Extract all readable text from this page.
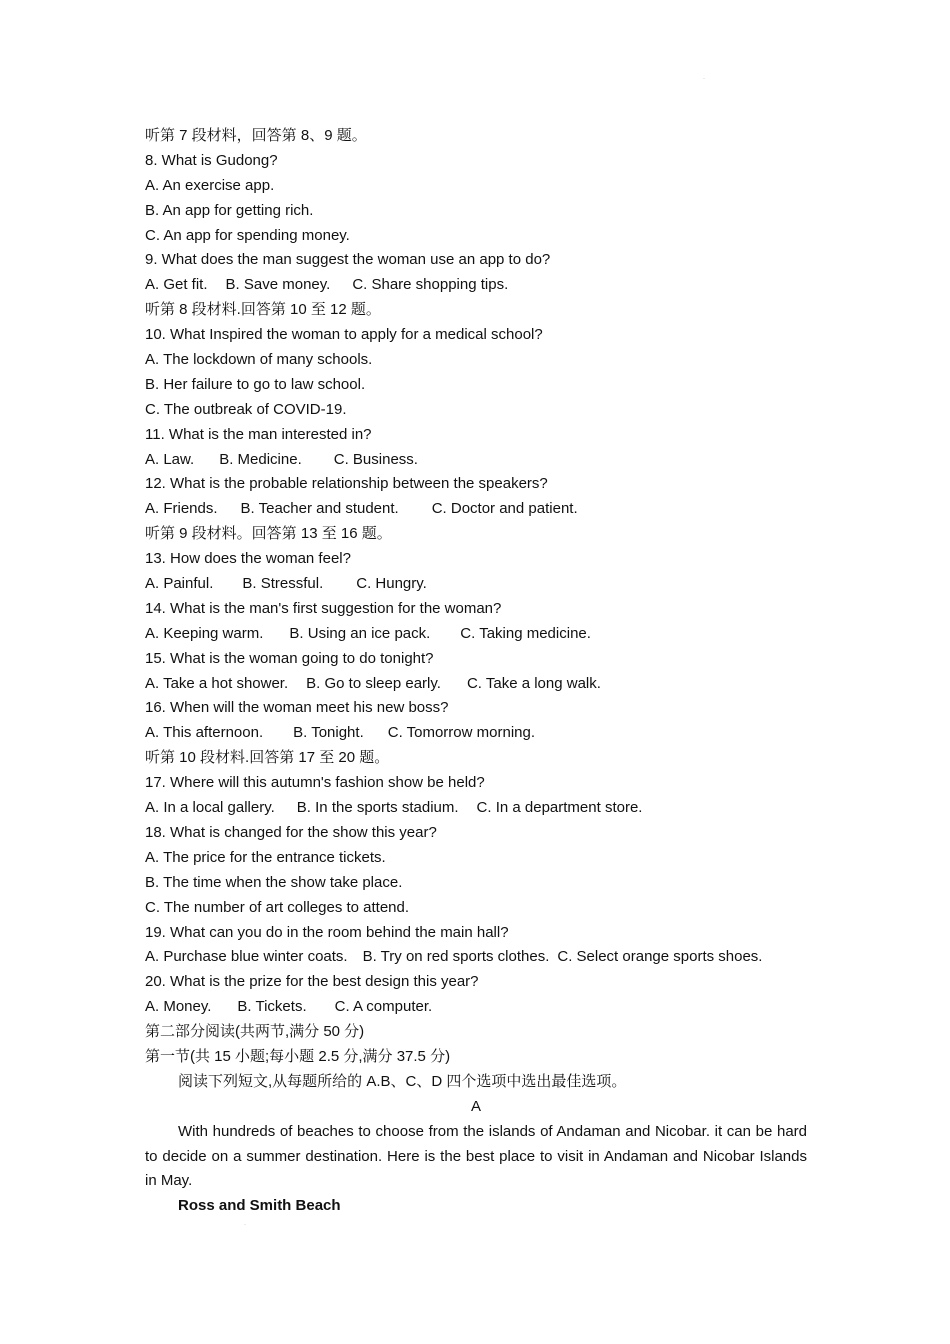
·
·
听第 7 段材料，回答第 8、9 题。
8. What is Gudong?
A. An exercise app.
B. An app for getting rich.
C. An app for spending money.
9. What does the man suggest the woman use an app to do?
A. Get fit. B. Save money. C. Share shopping tips.
听第 8 段材料.回答第 10 至 12 题。
10. What Inspired the woman to apply for a medical school?
A. The lockdown of many schools.
B. Her failure to go to law school.
C. The outbreak of COVID-19.
11. What is the man interested in?
A. Law. B. Medicine. C. Business.
12. What is the probable relationship between the speakers?
A. Friends. B. Teacher and student. C. Doctor and patient.
听第 9 段材料。回答第 13 至 16 题。
13. How does the woman feel?
A. Painful. B. Stressful. C. Hungry.
14. What is the man's first suggestion for the woman?
A. Keeping warm. B. Using an ice pack. C. Taking medicine.
15. What is the woman going to do tonight?
A. Take a hot shower. B. Go to sleep early. C. Take a long walk.
16. When will the woman meet his new boss?
A. This afternoon. B. Tonight. C. Tomorrow morning.
听第 10 段材料.回答第 17 至 20 题。
17. Where will this autumn's fashion show be held?
A. In a local gallery. B. In the sports stadium. C. In a department store.
18. What is changed for the show this year?
A. The price for the entrance tickets.
B. The time when the show take place.
C. The number of art colleges to attend.
19. What can you do in the room behind the main hall?
A. Purchase blue winter coats. B. Try on red sports clothes. C. Select orange sports shoes.
20. What is the prize for the best design this year?
A. Money. B. Tickets. C. A computer.
第二部分阅读(共两节,满分 50 分)
第一节(共 15 小题;每小题 2.5 分,满分 37.5 分)
阅读下列短文,从每题所给的 A.B、C、D 四个选项中选出最佳选项。
A
With hundreds of beaches to choose from the islands of Andaman and Nicobar. it can be hard to decide on a summer destination. Here is the best place to visit in Andaman and Nicobar Islands in May.
Ross and Smith Beach
